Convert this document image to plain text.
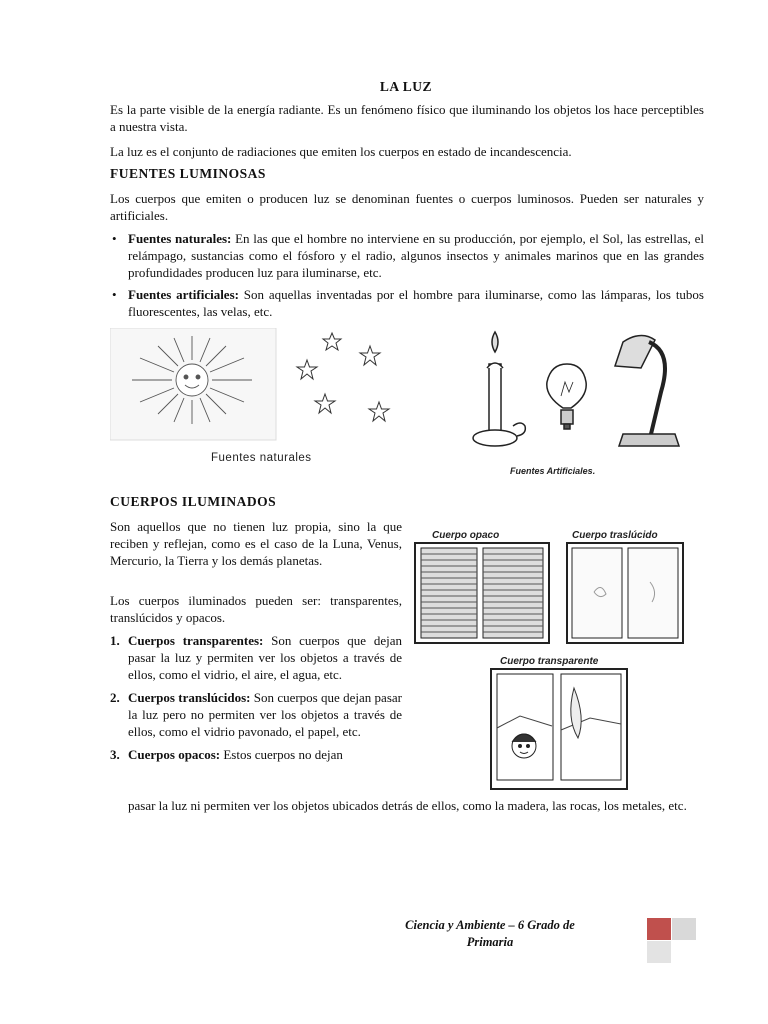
LA LUZ

Es la parte visible de la energía radiante. Es un fenómeno físico que iluminando los objetos los hace perceptibles a nuestra vista.

La luz es el conjunto de radiaciones que emiten los cuerpos en estado de incandescencia.

FUENTES LUMINOSAS

Los cuerpos que emiten o producen luz se denominan fuentes o cuerpos luminosos. Pueden ser naturales y artificiales.

• Fuentes naturales: En las que el hombre no interviene en su producción, por ejemplo, el Sol, las estrellas, el relámpago, sustancias como el fósforo y el radio, algunos insectos y animales marinos que en las grandes profundidades producen luz para iluminarse, etc.
• Fuentes artificiales: Son aquellas inventadas por el hombre para iluminarse, como las lámparas, los tubos fluorescentes, las velas, etc.
Fuentes naturales
Fuentes Artificiales.
CUERPOS ILUMINADOS

Son aquellos que no tienen luz propia, sino la que reciben y reflejan, como es el caso de la Luna, Venus, Mercurio, la Tierra y los demás planetas.

Los cuerpos iluminados pueden ser: transparentes, translúcidos y opacos.

1. Cuerpos transparentes: Son cuerpos que dejan pasar la luz y permiten ver los objetos a través de ellos, como el vidrio, el aire, el agua, etc.
2. Cuerpos translúcidos: Son cuerpos que dejan pasar la luz pero no permiten ver los objetos a través de ellos, como el vidrio pavonado, el papel, etc.
3. Cuerpos opacos: Estos cuerpos no dejan

pasar la luz ni permiten ver los objetos ubicados detrás de ellos, como la madera, las rocas, los metales, etc.

Cuerpo opaco	Cuerpo traslúcido
Cuerpo transparente
Ciencia y Ambiente – 6 Grado de
Primaria
